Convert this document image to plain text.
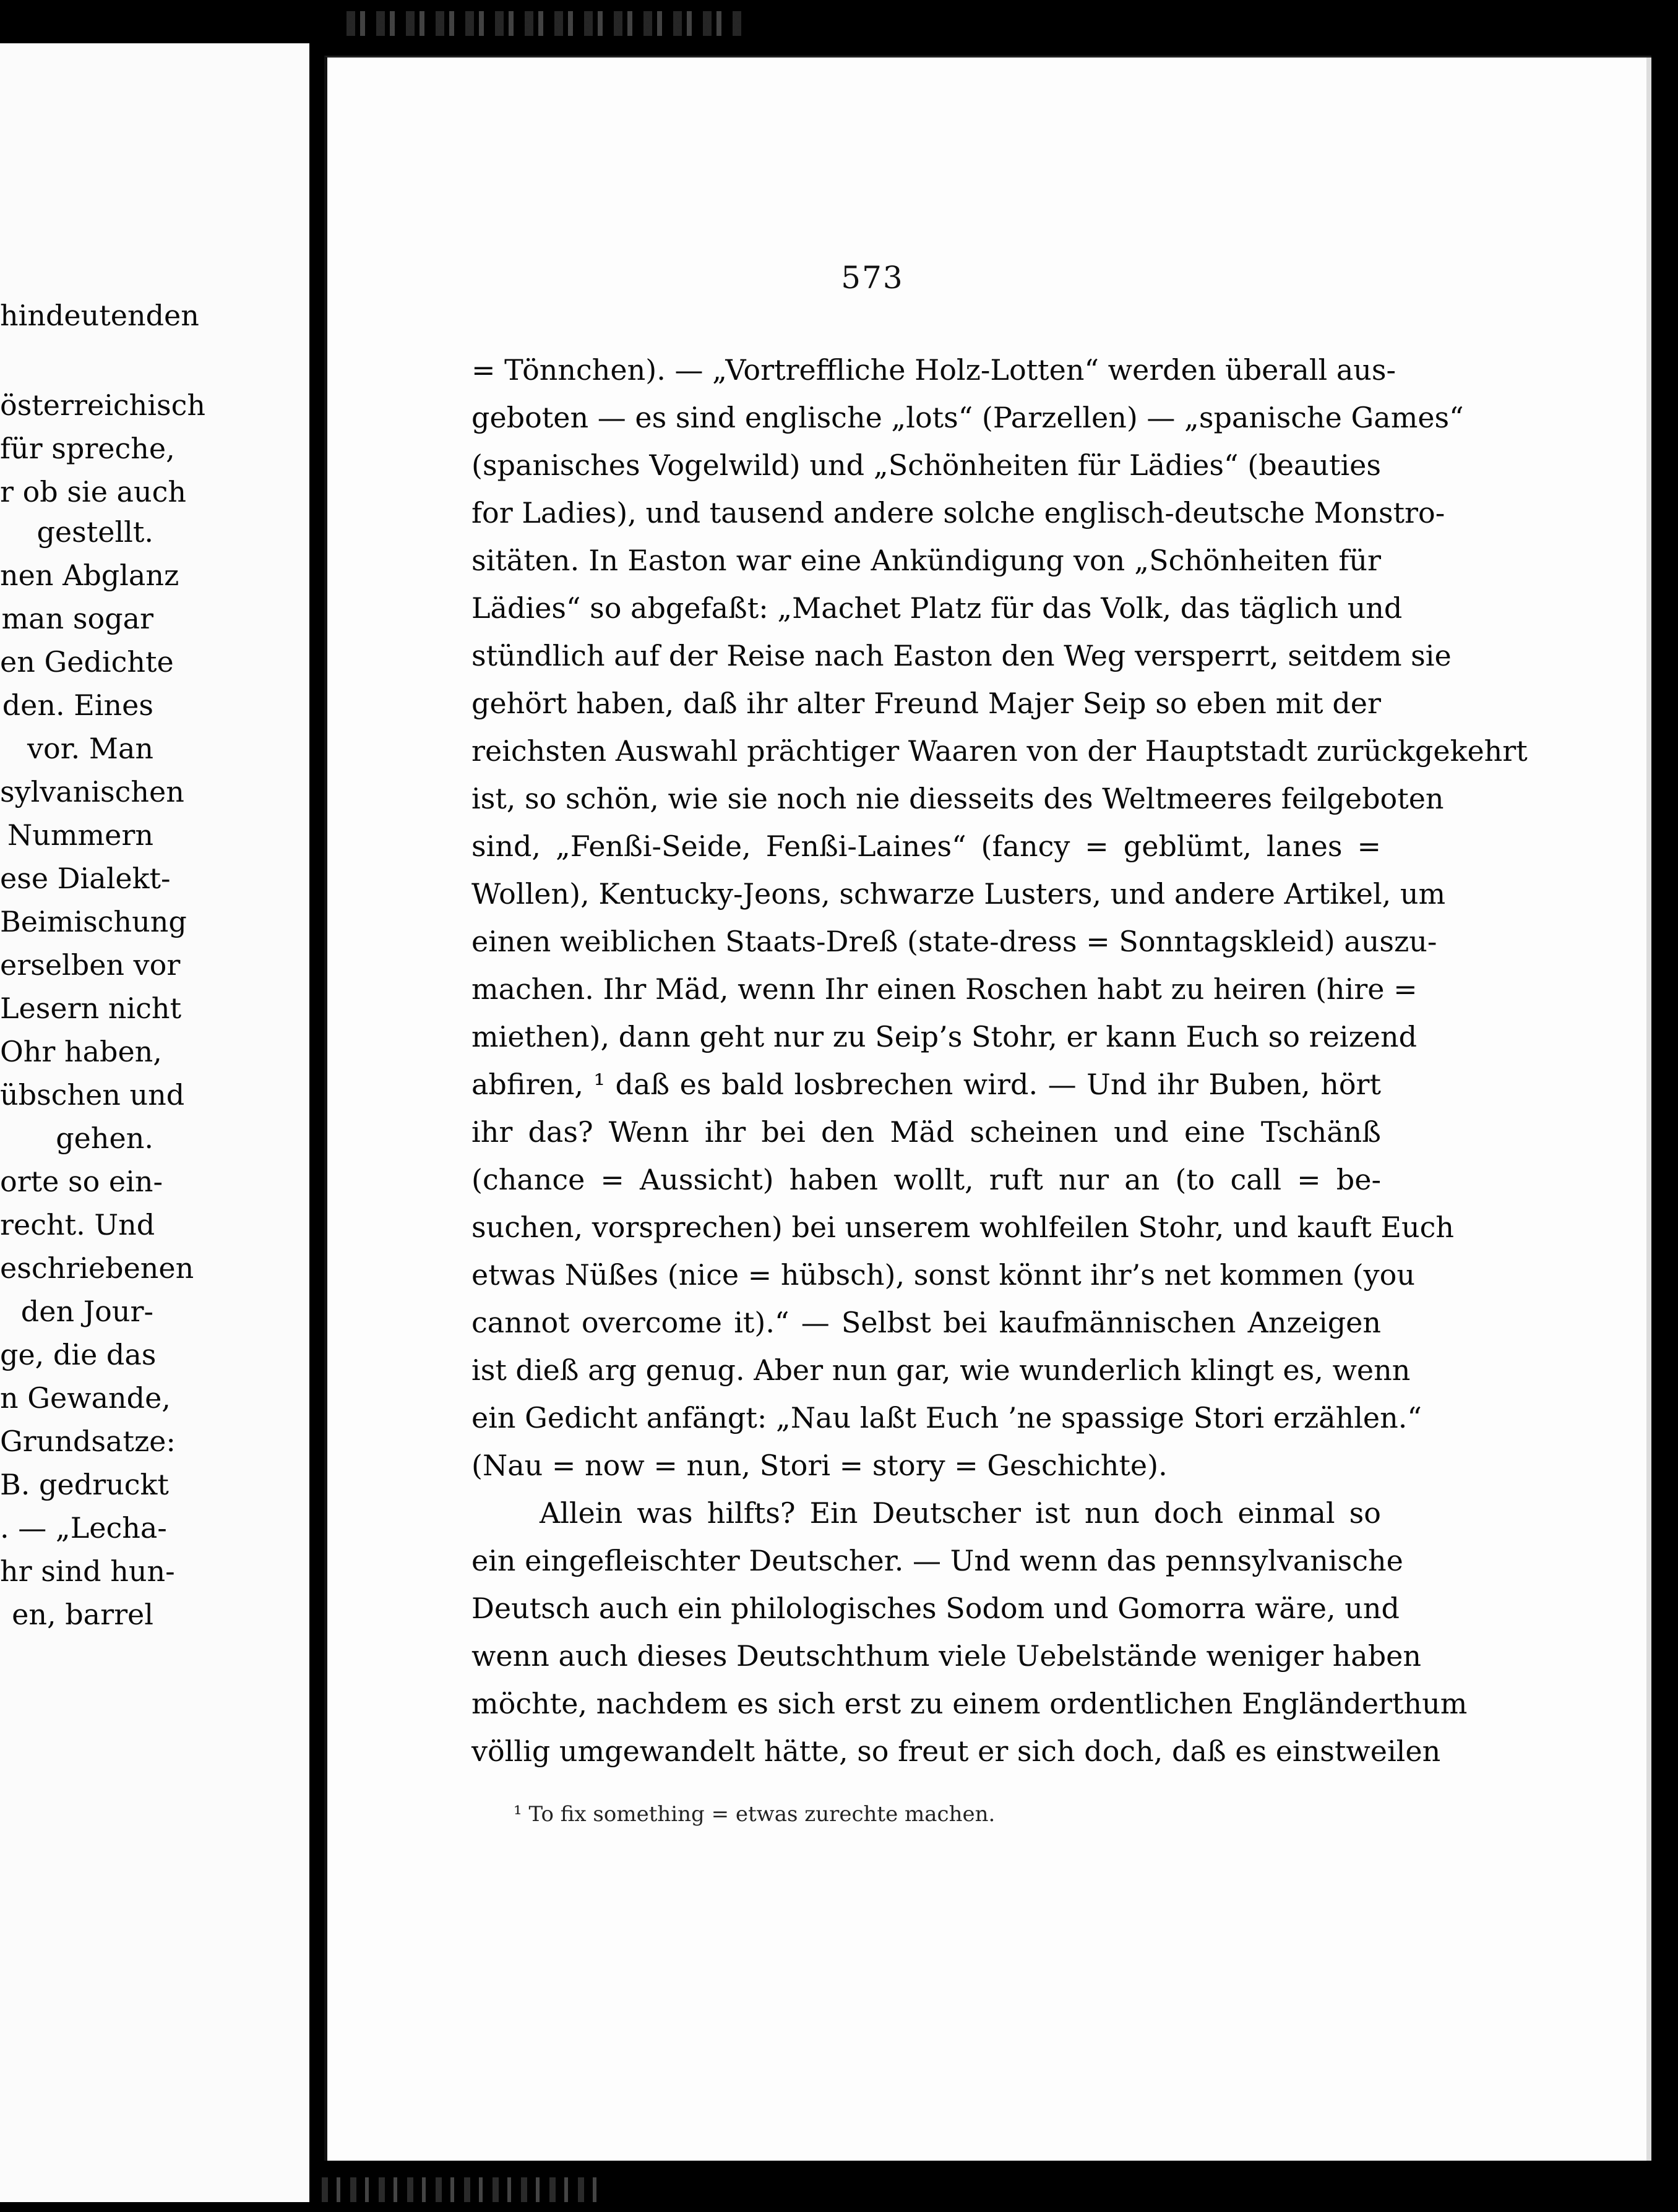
hindeutenden
österreichisch
für spreche,
r ob sie auch
gestellt.
nen Abglanz
man sogar
en Gedichte
den. Eines
vor. Man
sylvanischen
Nummern
ese Dialekt-
Beimischung
erselben vor
Lesern nicht
Ohr haben,
übschen und
gehen.
orte so ein-
recht. Und
eschriebenen
den Jour-
ge, die das
n Gewande,
Grundsatze:
B. gedruckt
. — „Lecha-
hr sind hun-
en, barrel
573
= Tönnchen). — „Vortreffliche Holz-Lotten“ werden überall aus-
geboten — es sind englische „lots“ (Parzellen) — „spanische Games“
(spanisches Vogelwild) und „Schönheiten für Lädies“ (beauties
for Ladies), und tausend andere solche englisch-deutsche Monstro-
sitäten. In Easton war eine Ankündigung von „Schönheiten für
Lädies“ so abgefaßt: „Machet Platz für das Volk, das täglich und
stündlich auf der Reise nach Easton den Weg versperrt, seitdem sie
gehört haben, daß ihr alter Freund Majer Seip so eben mit der
reichsten Auswahl prächtiger Waaren von der Hauptstadt zurückgekehrt
ist, so schön, wie sie noch nie diesseits des Weltmeeres feilgeboten
sind, „Fenßi-Seide, Fenßi-Laines“ (fancy = geblümt, lanes =
Wollen), Kentucky-Jeons, schwarze Lusters, und andere Artikel, um
einen weiblichen Staats-Dreß (state-dress = Sonntagskleid) auszu-
machen. Ihr Mäd, wenn Ihr einen Roschen habt zu heiren (hire =
miethen), dann geht nur zu Seip’s Stohr, er kann Euch so reizend
abfiren, ¹ daß es bald losbrechen wird. — Und ihr Buben, hört
ihr das? Wenn ihr bei den Mäd scheinen und eine Tschänß
(chance = Aussicht) haben wollt, ruft nur an (to call = be-
suchen, vorsprechen) bei unserem wohlfeilen Stohr, und kauft Euch
etwas Nüßes (nice = hübsch), sonst könnt ihr’s net kommen (you
cannot overcome it).“ — Selbst bei kaufmännischen Anzeigen
ist dieß arg genug. Aber nun gar, wie wunderlich klingt es, wenn
ein Gedicht anfängt: „Nau laßt Euch ’ne spassige Stori erzählen.“
(Nau = now = nun, Stori = story = Geschichte).
Allein was hilfts? Ein Deutscher ist nun doch einmal so
ein eingefleischter Deutscher. — Und wenn das pennsylvanische
Deutsch auch ein philologisches Sodom und Gomorra wäre, und
wenn auch dieses Deutschthum viele Uebelstände weniger haben
möchte, nachdem es sich erst zu einem ordentlichen Engländerthum
völlig umgewandelt hätte, so freut er sich doch, daß es einstweilen
¹ To fix something = etwas zurechte machen.
